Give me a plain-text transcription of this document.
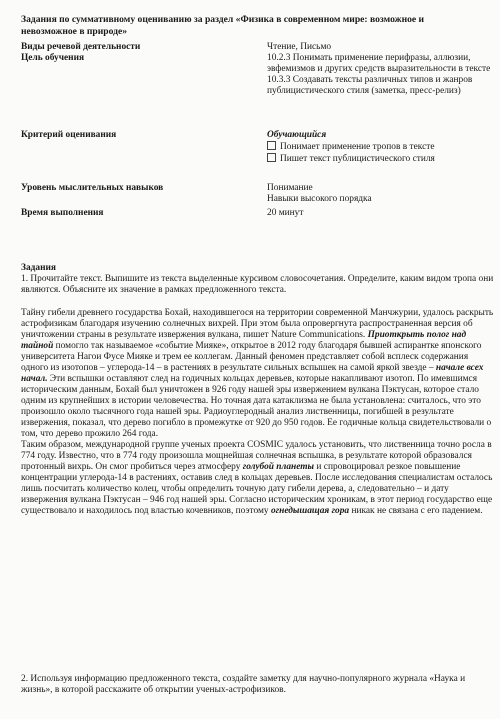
Задания по суммативному оцениванию за раздел «Физика в современном мире: возможное и невозможное в природе»
Виды речевой деятельности	Чтение, Письмо
Цель обучения	10.2.3 Понимать применение перифразы, аллюзии, эвфемизмов и других средств выразительности в тексте
10.3.3 Создавать тексты различных типов и жанров публицистического стиля (заметка, пресс-релиз)
Критерий оценивания	Обучающийся
Понимает применение тропов в тексте
Пишет текст публицистического стиля
Уровень мыслительных навыков	Понимание
Навыки высокого порядка
Время выполнения	20 минут
Задания
1. Прочитайте текст. Выпишите из текста выделенные курсивом словосочетания. Определите, каким видом тропа они являются. Объясните их значение в рамках предложенного текста.
Тайну гибели древнего государства Бохай, находившегося на территории современной Манчжурии, удалось раскрыть астрофизикам благодаря изучению солнечных вихрей. При этом была опровергнута распространенная версия об уничтожении страны в результате извержения вулкана, пишет Nature Communications. Приоткрыть полог над тайной помогло так называемое «событие Мияке», открытое в 2012 году благодаря бывшей аспирантке японского университета Нагои Фусе Мияке и трем ее коллегам. Данный феномен представляет собой всплеск содержания одного из изотопов – углерода-14 – в растениях в результате сильных вспышек на самой яркой звезде – начале всех начал. Эти вспышки оставляют след на годичных кольцах деревьев, которые накапливают изотоп. По имевшимся историческим данным, Бохай был уничтожен в 926 году нашей эры извержением вулкана Пэктусан, которое стало одним из крупнейших в истории человечества. Но точная дата катаклизма не была установлена: считалось, что это произошло около тысячного года нашей эры. Радиоуглеродный анализ лиственницы, погибшей в результате извержения, показал, что дерево погибло в промежутке от 920 до 950 годов. Ее годичные кольца свидетельствовали о том, что дерево прожило 264 года.
Таким образом, международной группе ученых проекта COSMIC удалось установить, что лиственница точно росла в 774 году. Известно, что в 774 году произошла мощнейшая солнечная вспышка, в результате которой образовался протонный вихрь. Он смог пробиться через атмосферу голубой планеты и спровоцировал резкое повышение концентрации углерода-14 в растениях, оставив след в кольцах деревьев. После исследования специалистам осталось лишь посчитать количество колец, чтобы определить точную дату гибели дерева, а, следовательно – и дату извержения вулкана Пэктусан – 946 год нашей эры. Согласно историческим хроникам, в этот период государство еще существовало и находилось под властью кочевников, поэтому огнедышащая гора никак не связана с его падением.
2. Используя информацию предложенного текста, создайте заметку для научно-популярного журнала «Наука и жизнь», в которой расскажите об открытии ученых-астрофизиков.
